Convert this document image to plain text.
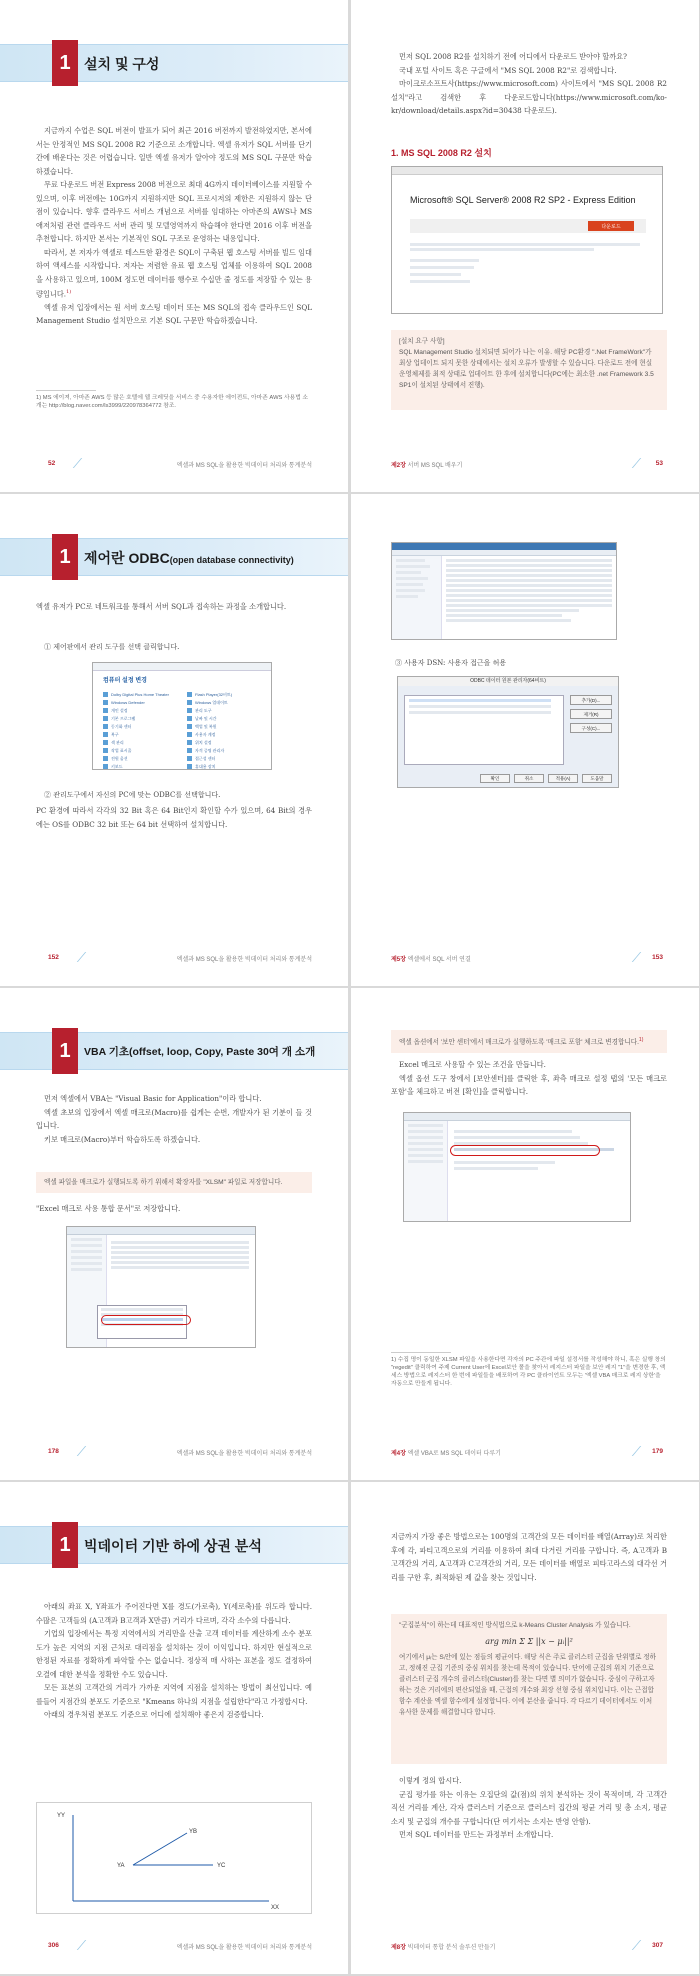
1 설치 및 구성

지금까지 수업은 SQL 버전이 발표가 되어 최근 2016 버전까지 발전하였지만, 본서에서는 안정적인 MS SQL 2008 R2 기준으로 소개합니다. 엑셀 유저가 SQL 서버를 단기간에 배운다는 것은 어렵습니다. 일반 엑셀 유저가 알아야 정도의 MS SQL 구문만 학습하겠습니다.

무료 다운로드 버전 Express 2008 버전으로 최대 4G까지 데이터베이스를 지원할 수 있으며, 이후 버전에는 10G까지 지원하지만 SQL 프로시저의 제한은 지원하지 않는 단점이 있습니다. 향후 클라우드 서비스 개념으로 서버를 임대하는 아마존의 AWS나 MS 애저처럼 관련 클라우드 서버 관리 및 모델영역까지 학습해야 한다면 2016 이후 버전을 추천합니다. 하지만 본서는 기본적인 SQL 구조로 운영하는 내용입니다.

따라서, 본 저자가 엑셀로 테스트한 환경은 SQL이 구축된 웹 호스팅 서버를 빌드 임대하여 액세스를 시작합니다. 저자는 저렴한 유료 웹 호스팅 업체를 이용하여 SQL 2008을 사용하고 있으며, 100M 정도면 데이터를 행수로 수십만 줄 정도를 저장할 수 있는 용량입니다.$^{1)}$

엑셀 유저 입장에서는 원 서버 호스팅 데이터 또는 MS SQL의 접속 클라우드인 SQL Management Studio 설치만으로 기본 SQL 구문만 학습하겠습니다.

1) MS 에이져, 아마존 AWS 등 많은 호텔에 웹 크레딧을 서비스 중 수용자한 에이전트, 아마존 AWS 사용법 소개는 http://blog.naver.com/ls3999/220978364772 참조.
52	엑셀과 MS SQL을 활용한 빅데이터 처리와 통계분석

먼저 SQL 2008 R2를 설치하기 전에 어디에서 다운로드 받아야 할까요?

국내 포털 사이트 혹은 구글에서 "MS SQL 2008 R2"로 검색합니다.

마이크로소프트사(https://www.microsoft.com) 사이트에서 "MS SQL 2008 R2 설치"라고 검색한 후 다운로드합니다(https://www.microsoft.com/ko-kr/download/details.aspx?id=30438 다운로드).

1. MS SQL 2008 R2 설치
Microsoft® SQL Server® 2008 R2 SP2 - Express Edition
다운로드
[설치 요구 사항]
SQL Management Studio 설치되면 되어가 나는 이유. 해당 PC환경 ".Net FrameWork"가 최상 업데이트 되지 못한 상태에서는 설치 오류가 발생할 수 있습니다. 다운로드 전에 현실 운영체제를 최적 상태로 업데이트 한 후에 설치합니다(PC에는 최소한 .net Framework 3.5 SP1이 설치된 상태에서 진행).
제2장 서버 MS SQL 배우기	53
1 제어란 ODBC(open database connectivity)
엑셀 유저가 PC로 네트워크를 통해서 서버 SQL과 접속하는 과정을 소개합니다.
① 제어판에서 관리 도구를 선택 클릭합니다.
컴퓨터 설정 변경
Dolby Digital Plus Home Theater	Flash Player(32비트)
Windows Defender	Windows 업데이트
개인 설정	관리 도구
기본 프로그램	날짜 및 시간
동기화 센터	백업 및 복원
복구	사용자 계정
색 관리	위치 설정
작업 표시줄	자격 증명 관리자
전원 옵션	접근성 센터
키보드	휴대용 장치
② 관리도구에서 자신의 PC에 맞는 ODBC를 선택합니다.
PC 환경에 따라서 각각의 32 Bit 혹은 64 Bit인지 확인할 수가 있으며, 64 Bit의 경우에는 OS를 ODBC 32 bit 또는 64 bit 선택하여 설치합니다.
152	엑셀과 MS SQL을 활용한 빅데이터 처리와 통계분석
③ 사용자 DSN: 사용자 접근을 허용
ODBC 데이터 원본 관리자(64비트)
추가(D)...
제거(R)
구성(C)...
확인	취소	적용(A)	도움말
제5장 엑셀에서 SQL 서버 연결	153
1	VBA 기초(offset, loop, Copy, Paste 30여 개 소개

먼저 엑셀에서 VBA는 "Visual Basic for Application"이라 합니다.

엑셀 초보의 입장에서 엑셀 매크로(Macro)를 쉽게는 순번, 개발자가 된 기분이 들 것입니다.

키보 매크로(Macro)부터 학습하도록 하겠습니다.

엑셀 파일을 매크로가 실행되도록 하기 위해서 확장자를 "XLSM" 파일로 저장합니다.
"Excel 매크로 사용 통합 문서"로 저장합니다.
178	엑셀과 MS SQL을 활용한 빅데이터 처리와 통계분석
엑셀 옵션에서 '보안 센터'에서 매크로가 실행하도록 '매크로 포함' 체크로 변경합니다.$^{1)}$

Excel 매크로 사용할 수 있는 조건을 만듭니다.

엑셀 옵션 도구 창에서 [보안센터]를 클릭한 후, 좌측 매크로 설정 탭의 '모든 매크로 포함'을 체크하고 버전 [확인]을 클릭합니다.

1) 수집 명이 동일한 XLSM 파일을 사용한다면 각자의 PC 주관에 파일 설정서를 작성해야 하니, 혹은 실행 창의 "regedit" 클릭하여 주제 Current User에 Excel보안 폴을 찾아서 레지스터 파일을 보안 레지 "1"을 변경한 후, 액세스 방법으로 레지스터 한 번에 파일들을 배포하여 각 PC 클라이언트 모두는 '엑셀 VBA 매크로 레지 상한'을 자동으로 만들게 됩니다.
제4장 엑셀 VBA로 MS SQL 데이터 다루기	179
1 빅데이터 기반 하에 상권 분석

아래의 좌표 X, Y좌표가 주어진다면 X를 경도(가로축), Y(세로축)를 위도라 합니다. 수많은 고객들의 (A고객과 B고객과 X만큼) 거리가 다르며, 각각 소수의 다릅니다.

기업의 입장에서는 특정 지역에서의 거리만을 산출 고객 데이터를 계산하게 소수 분포도가 높은 지역의 지점 근처로 대리점을 설치하는 것이 이익입니다. 하지만 현실적으로 한정된 자료를 정확하게 파악할 수는 없습니다. 정상적 매 사하는 표본을 정도 결정하여 오결에 대한 분석을 정확한 수도 있습니다.

모든 표본의 고객간의 거리가 가까운 지역에 지점을 설치하는 방법이 최선입니다. 예를들어 지점간의 분포도 기준으로 "Kmeans 하나의 지점을 설립한다"라고 가정합시다.

아래의 경우처럼 분포도 기준으로 어디에 설치해야 좋은지 검증합니다.

YY
YA
YB
YC
XX
306	엑셀과 MS SQL을 활용한 빅데이터 처리와 통계분석
지금까지 가장 좋은 방법으로는 100명의 고객간의 모든 데이터를 배열(Array)로 처리한 후에 각, 파티고객으로의 거리를 이용하여 최대 다거린 거리를 구합니다. 즉, A고객과 B고객간의 거리, A고객과 C고객간의 거리, 모든 데이터를 배열로 피타고라스의 대각선 거리를 구한 후, 최적화된 제 값을 찾는 것입니다.
"군집분석"이 하는데 대표적인 방식법으로 k-Means Cluster Analysis 가 있습니다.
arg min Σ Σ ||x − μᵢ||²
여기에서 μᵢ는 Sᵢ안에 있는 점들의 평균이다. 해당 식은 주로 클러스터 군집을 단위별로 정하고, 정해진 군집 기준의 중심 위치를 찾는데 목적이 있습니다. 단어에 군집의 위치 기준으로 클러스터 군집 개수의 클러스터(Cluster)를 찾는 다면 별 의미가 없습니다. 중심이 구하고자 하는 것은 거리에의 편산되었을 때, 근접의 개수와 최장 선형 중심 위치입니다. 이는 근접합 함수 계산을 엑셀 함수에게 설정합니다. 이에 분산을 줍니다. 각 다르기 데이터에서도 이처 유사한 문제를 해결합니다 합니다.

이렇게 정의 합시다.

군집 평가를 하는 이유는 오집단의 값(점)의 위치 분석하는 것이 목적이며, 각 고객간 직선 거리를 계산, 각자 클러스터 기준으로 클러스터 집간의 평균 거리 및 총 소지, 평균 소지 및 군집의 개수를 구합니다(단 여기서는 소지는 반영 안함).

먼저 SQL 데이터를 만드는 과정부터 소개합니다.

제8장 빅데이터 통합 분석 솔루션 만들기	307
